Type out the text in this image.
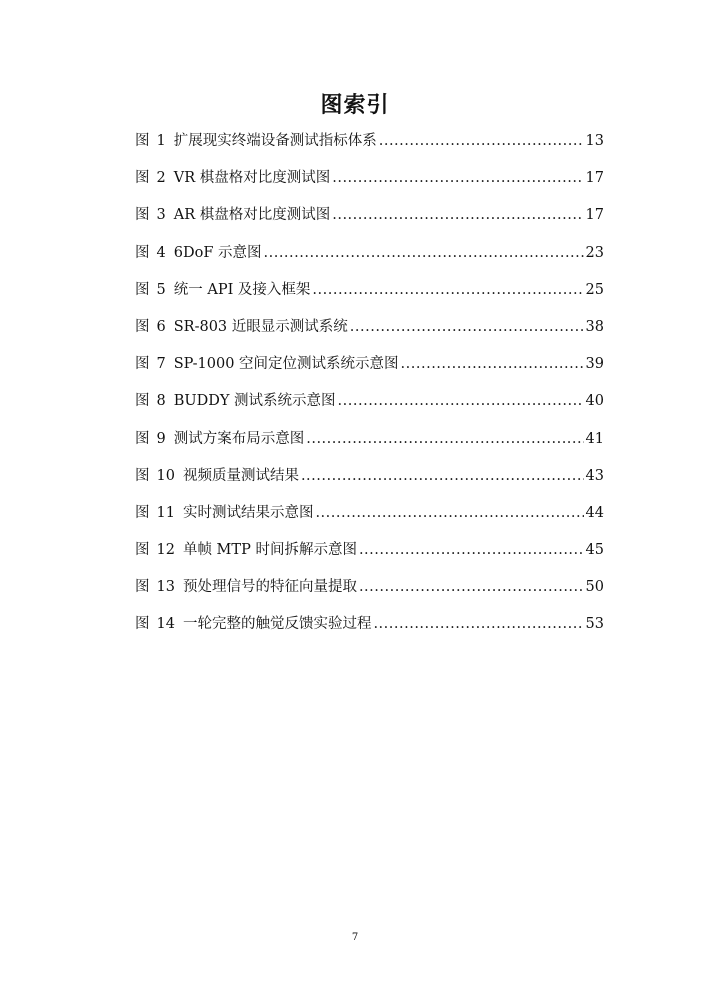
图索引
图 1 扩展现实终端设备测试指标体系 .....	13
图 2 VR 棋盘格对比度测试图 .....	17
图 3 AR 棋盘格对比度测试图 .....	17
图 4 6DoF 示意图 .....	23
图 5 统一 API 及接入框架 .....	25
图 6 SR-803 近眼显示测试系统 .....	38
图 7 SP-1000 空间定位测试系统示意图 .....	39
图 8 BUDDY 测试系统示意图 .....	40
图 9 测试方案布局示意图 .....	41
图 10 视频质量测试结果 .....	43
图 11 实时测试结果示意图 .....	44
图 12 单帧 MTP 时间拆解示意图 .....	45
图 13 预处理信号的特征向量提取 .....	50
图 14 一轮完整的触觉反馈实验过程 .....	53
7
